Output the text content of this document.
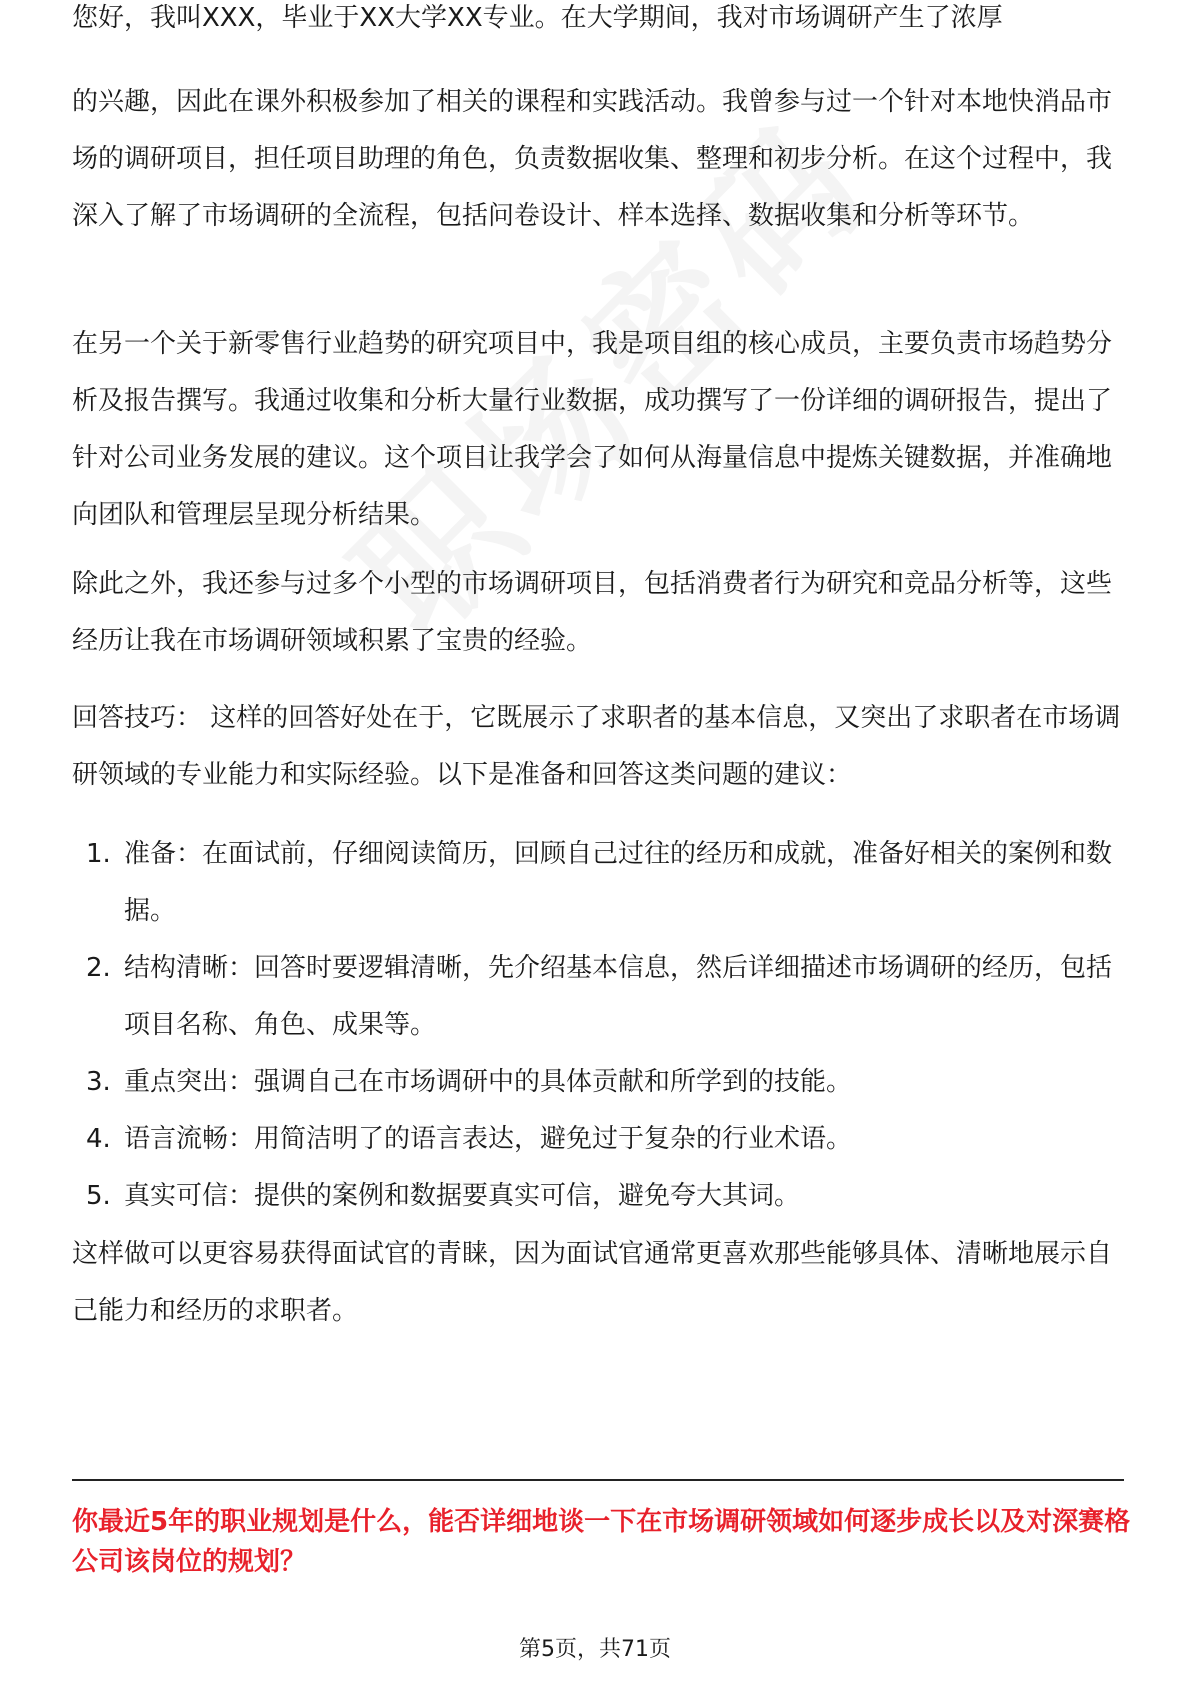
您好，我叫XXX，毕业于XX大学XX专业。在大学期间，我对市场调研产生了浓厚

的兴趣，因此在课外积极参加了相关的课程和实践活动。我曾参与过一个针对本地快消品市场的调研项目，担任项目助理的角色，负责数据收集、整理和初步分析。在这个过程中，我深入了解了市场调研的全流程，包括问卷设计、样本选择、数据收集和分析等环节。

在另一个关于新零售行业趋势的研究项目中，我是项目组的核心成员，主要负责市场趋势分析及报告撰写。我通过收集和分析大量行业数据，成功撰写了一份详细的调研报告，提出了针对公司业务发展的建议。这个项目让我学会了如何从海量信息中提炼关键数据，并准确地向团队和管理层呈现分析结果。

除此之外，我还参与过多个小型的市场调研项目，包括消费者行为研究和竞品分析等，这些经历让我在市场调研领域积累了宝贵的经验。

回答技巧： 这样的回答好处在于，它既展示了求职者的基本信息，又突出了求职者在市场调研领域的专业能力和实际经验。以下是准备和回答这类问题的建议：

1. 准备：在面试前，仔细阅读简历，回顾自己过往的经历和成就，准备好相关的案例和数据。
2. 结构清晰：回答时要逻辑清晰，先介绍基本信息，然后详细描述市场调研的经历，包括项目名称、角色、成果等。
3. 重点突出：强调自己在市场调研中的具体贡献和所学到的技能。
4. 语言流畅：用简洁明了的语言表达，避免过于复杂的行业术语。
5. 真实可信：提供的案例和数据要真实可信，避免夸大其词。

这样做可以更容易获得面试官的青睐，因为面试官通常更喜欢那些能够具体、清晰地展示自己能力和经历的求职者。

你最近5年的职业规划是什么，能否详细地谈一下在市场调研领域如何逐步成长以及对深赛格公司该岗位的规划？

第5页，共71页
